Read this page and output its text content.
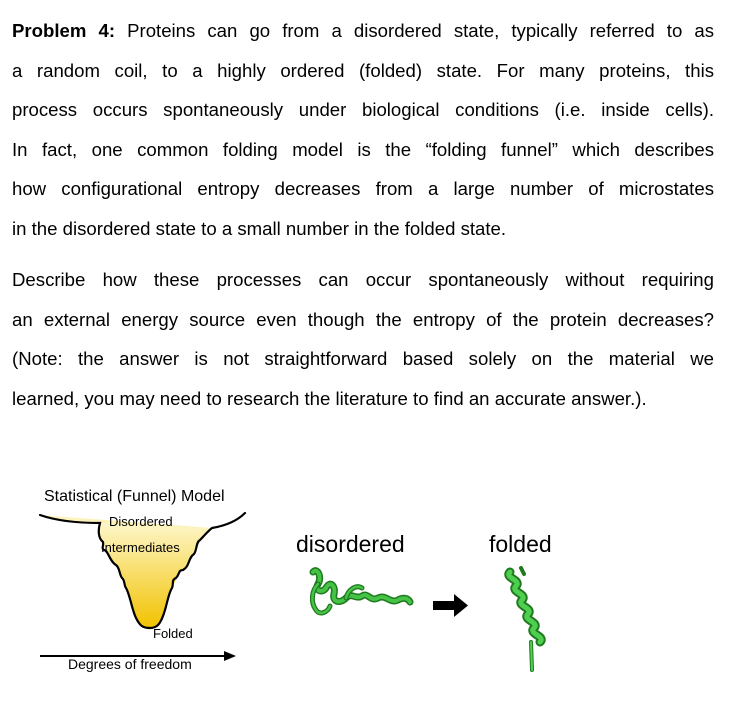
Problem 4: Proteins can go from a disordered state, typically referred to as
a random coil, to a highly ordered (folded) state. For many proteins, this
process occurs spontaneously under biological conditions (i.e. inside cells).
In fact, one common folding model is the “folding funnel” which describes
how configurational entropy decreases from a large number of microstates
in the disordered state to a small number in the folded state.
Describe how these processes can occur spontaneously without requiring
an external energy source even though the entropy of the protein decreases?
(Note: the answer is not straightforward based solely on the material we
learned, you may need to research the literature to find an accurate answer.).
Statistical (Funnel) Model
Disordered
Intermediates
Folded
Degrees of freedom
disordered	folded
